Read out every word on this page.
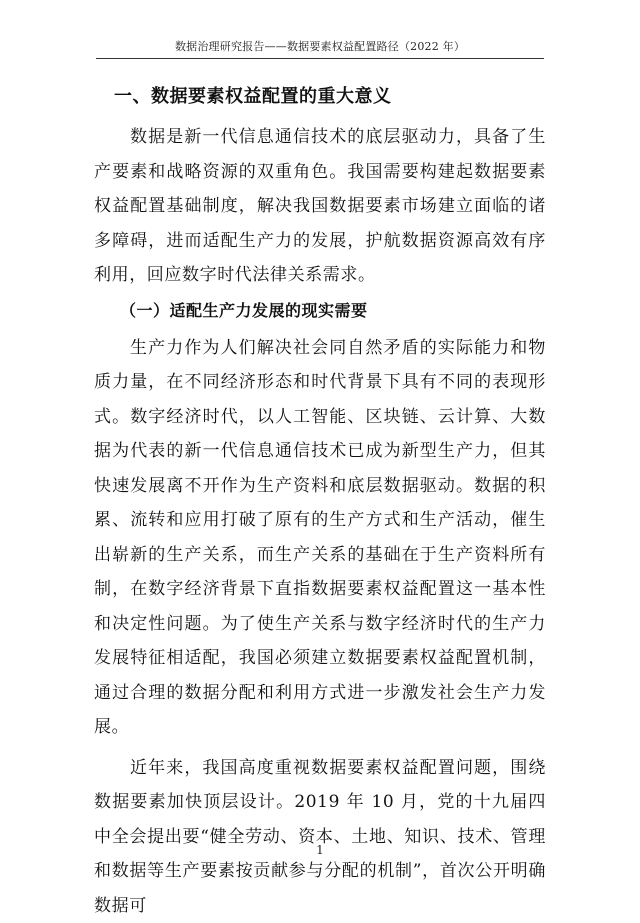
数据治理研究报告——数据要素权益配置路径（2022 年）
一、数据要素权益配置的重大意义

数据是新一代信息通信技术的底层驱动力，具备了生产要素和战略资源的双重角色。我国需要构建起数据要素权益配置基础制度，解决我国数据要素市场建立面临的诸多障碍，进而适配生产力的发展，护航数据资源高效有序利用，回应数字时代法律关系需求。

（一）适配生产力发展的现实需要

生产力作为人们解决社会同自然矛盾的实际能力和物质力量，在不同经济形态和时代背景下具有不同的表现形式。数字经济时代，以人工智能、区块链、云计算、大数据为代表的新一代信息通信技术已成为新型生产力，但其快速发展离不开作为生产资料和底层数据驱动。数据的积累、流转和应用打破了原有的生产方式和生产活动，催生出崭新的生产关系，而生产关系的基础在于生产资料所有制，在数字经济背景下直指数据要素权益配置这一基本性和决定性问题。为了使生产关系与数字经济时代的生产力发展特征相适配，我国必须建立数据要素权益配置机制，通过合理的数据分配和利用方式进一步激发社会生产力发展。

近年来，我国高度重视数据要素权益配置问题，围绕数据要素加快顶层设计。2019 年 10 月，党的十九届四中全会提出要“健全劳动、资本、土地、知识、技术、管理和数据等生产要素按贡献参与分配的机制”，首次公开明确数据可

1
